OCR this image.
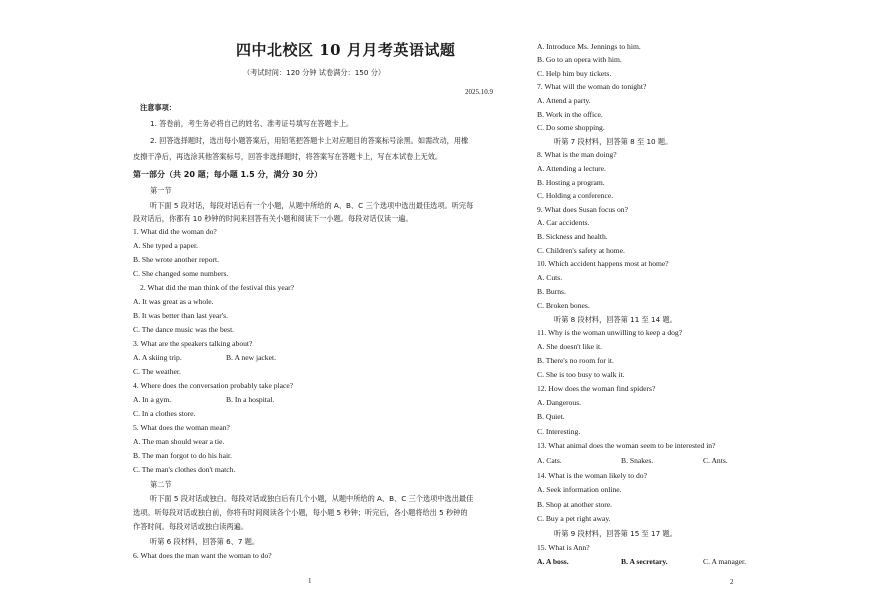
四中北校区 10 月月考英语试题
（考试时间：120 分钟 试卷满分：150 分）
2025.10.9
注意事项：
1. 答卷前，考生务必将自己的姓名、准考证号填写在答题卡上。
2. 回答选择题时，选出每小题答案后，用铅笔把答题卡上对应题目的答案标号涂黑。如需改动，用橡
皮擦干净后，再选涂其他答案标号，回答非选择题时，将答案写在答题卡上，写在本试卷上无效。
第一部分（共 20 题；每小题 1.5 分，满分 30 分）
第一节
听下面 5 段对话，每段对话后有一个小题，从题中所给的 A、B、C 三个选项中选出最佳选项。听完每
段对话后，你都有 10 秒钟的时间来回答有关小题和阅读下一小题。每段对话仅读一遍。
1. What did the woman do?
A. She typed a paper.
B. She wrote another report.
C. She changed some numbers.
2. What did the man think of the festival this year?
A. It was great as a whole.
B. It was better than last year's.
C. The dance music was the best.
3. What are the speakers talking about?
A. A skiing trip.	B. A new jacket.
C. The weather.
4. Where does the conversation probably take place?
A. In a gym.	B. In a hospital.
C. In a clothes store.
5. What does the woman mean?
A. The man should wear a tie.
B. The man forgot to do his hair.
C. The man's clothes don't match.
第二节
听下面 5 段对话或独白。每段对话或独白后有几个小题，从题中所给的 A、B、C 三个选项中选出最佳
选项。听每段对话或独白前，你将有时间阅读各个小题，每小题 5 秒钟；听完后，各小题将给出 5 秒钟的
作答时间。每段对话或独白读两遍。
听第 6 段材料，回答第 6、7 题。
6. What does the man want the woman to do?
1
A. Introduce Ms. Jennings to him.
B. Go to an opera with him.
C. Help him buy tickets.
7. What will the woman do tonight?
A. Attend a party.
B. Work in the office.
C. Do some shopping.
听第 7 段材料，回答第 8 至 10 题。
8. What is the man doing?
A. Attending a lecture.
B. Hosting a program.
C. Holding a conference.
9. What does Susan focus on?
A. Car accidents.
B. Sickness and health.
C. Children's safety at home.
10. Which accident happens most at home?
A. Cuts.
B. Burns.
C. Broken bones.
听第 8 段材料，回答第 11 至 14 题。
11. Why is the woman unwilling to keep a dog?
A. She doesn't like it.
B. There's no room for it.
C. She is too busy to walk it.
12. How does the woman find spiders?
A. Dangerous.
B. Quiet.
C. Interesting.
13. What animal does the woman seem to be interested in?
A. Cats.	B. Snakes.	C. Ants.
14. What is the woman likely to do?
A. Seek information online.
B. Shop at another store.
C. Buy a pet right away.
听第 9 段材料，回答第 15 至 17 题。
15. What is Ann?
A. A boss.	B. A secretary.	C. A manager.
2
